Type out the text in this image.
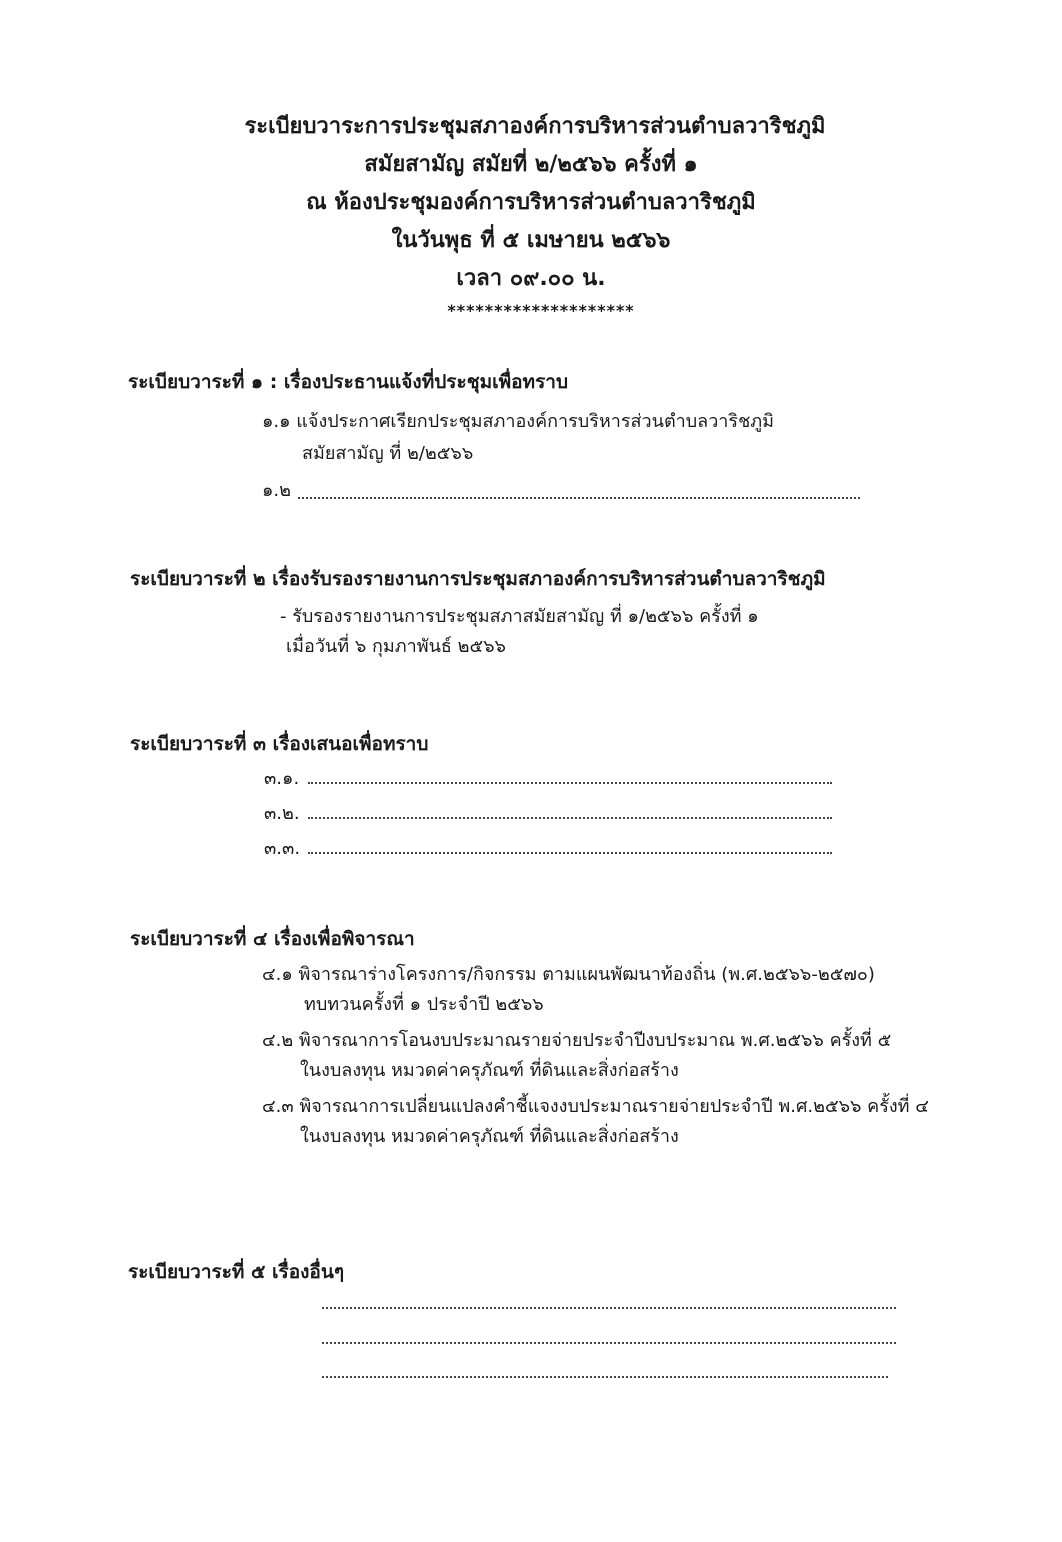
ระเบียบวาระการประชุมสภาองค์การบริหารส่วนตำบลวาริชภูมิ
สมัยสามัญ สมัยที่ ๒/๒๕๖๖ ครั้งที่ ๑
ณ ห้องประชุมองค์การบริหารส่วนตำบลวาริชภูมิ
ในวันพุธ ที่ ๕ เมษายน ๒๕๖๖
เวลา ๐๙.๐๐ น.
********************
ระเบียบวาระที่ ๑ : เรื่องประธานแจ้งที่ประชุมเพื่อทราบ
๑.๑ แจ้งประกาศเรียกประชุมสภาองค์การบริหารส่วนตำบลวาริชภูมิ
สมัยสามัญ ที่ ๒/๒๕๖๖
๑.๒
ระเบียบวาระที่ ๒ เรื่องรับรองรายงานการประชุมสภาองค์การบริหารส่วนตำบลวาริชภูมิ
- รับรองรายงานการประชุมสภาสมัยสามัญ ที่ ๑/๒๕๖๖ ครั้งที่ ๑
เมื่อวันที่ ๖ กุมภาพันธ์ ๒๕๖๖
ระเบียบวาระที่ ๓ เรื่องเสนอเพื่อทราบ
๓.๑.
๓.๒.
๓.๓.
ระเบียบวาระที่ ๔ เรื่องเพื่อพิจารณา
๔.๑ พิจารณาร่างโครงการ/กิจกรรม ตามแผนพัฒนาท้องถิ่น (พ.ศ.๒๕๖๖-๒๕๗๐)
ทบทวนครั้งที่ ๑ ประจำปี ๒๕๖๖
๔.๒ พิจารณาการโอนงบประมาณรายจ่ายประจำปีงบประมาณ พ.ศ.๒๕๖๖ ครั้งที่ ๕
ในงบลงทุน หมวดค่าครุภัณฑ์ ที่ดินและสิ่งก่อสร้าง
๔.๓ พิจารณาการเปลี่ยนแปลงคำชี้แจงงบประมาณรายจ่ายประจำปี พ.ศ.๒๕๖๖ ครั้งที่ ๔
ในงบลงทุน หมวดค่าครุภัณฑ์ ที่ดินและสิ่งก่อสร้าง
ระเบียบวาระที่ ๕ เรื่องอื่นๆ
